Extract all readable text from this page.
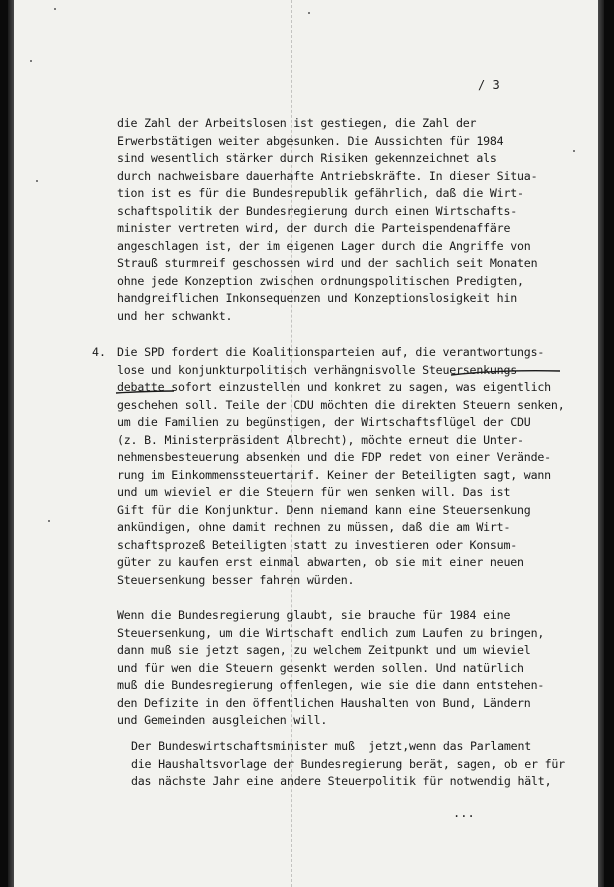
/ 3
die Zahl der Arbeitslosen ist gestiegen, die Zahl der
Erwerbstätigen weiter abgesunken. Die Aussichten für 1984
sind wesentlich stärker durch Risiken gekennzeichnet als
durch nachweisbare dauerhafte Antriebskräfte. In dieser Situa-
tion ist es für die Bundesrepublik gefährlich, daß die Wirt-
schaftspolitik der Bundesregierung durch einen Wirtschafts-
minister vertreten wird, der durch die Parteispendenaffäre
angeschlagen ist, der im eigenen Lager durch die Angriffe von
Strauß sturmreif geschossen wird und der sachlich seit Monaten
ohne jede Konzeption zwischen ordnungspolitischen Predigten,
handgreiflichen Inkonsequenzen und Konzeptionslosigkeit hin
und her schwankt.
4. Die SPD fordert die Koalitionsparteien auf, die verantwortungs-
lose und konjunkturpolitisch verhängnisvolle Steuersenkungs-
debatte sofort einzustellen und konkret zu sagen, was eigentlich
geschehen soll. Teile der CDU möchten die direkten Steuern senken,
um die Familien zu begünstigen, der Wirtschaftsflügel der CDU
(z. B. Ministerpräsident Albrecht), möchte erneut die Unter-
nehmensbesteuerung absenken und die FDP redet von einer Verände-
rung im Einkommenssteuertarif. Keiner der Beteiligten sagt, wann
und um wieviel er die Steuern für wen senken will. Das ist
Gift für die Konjunktur. Denn niemand kann eine Steuersenkung
ankündigen, ohne damit rechnen zu müssen, daß die am Wirt-
schaftsprozeß Beteiligten statt zu investieren oder Konsum-
güter zu kaufen erst einmal abwarten, ob sie mit einer neuen
Steuersenkung besser fahren würden.
Wenn die Bundesregierung glaubt, sie brauche für 1984 eine
Steuersenkung, um die Wirtschaft endlich zum Laufen zu bringen,
dann muß sie jetzt sagen, zu welchem Zeitpunkt und um wieviel
und für wen die Steuern gesenkt werden sollen. Und natürlich
muß die Bundesregierung offenlegen, wie sie die dann entstehen-
den Defizite in den öffentlichen Haushalten von Bund, Ländern
und Gemeinden ausgleichen will.
Der Bundeswirtschaftsminister muß  jetzt,wenn das Parlament
die Haushaltsvorlage der Bundesregierung berät, sagen, ob er für
das nächste Jahr eine andere Steuerpolitik für notwendig hält,
...
